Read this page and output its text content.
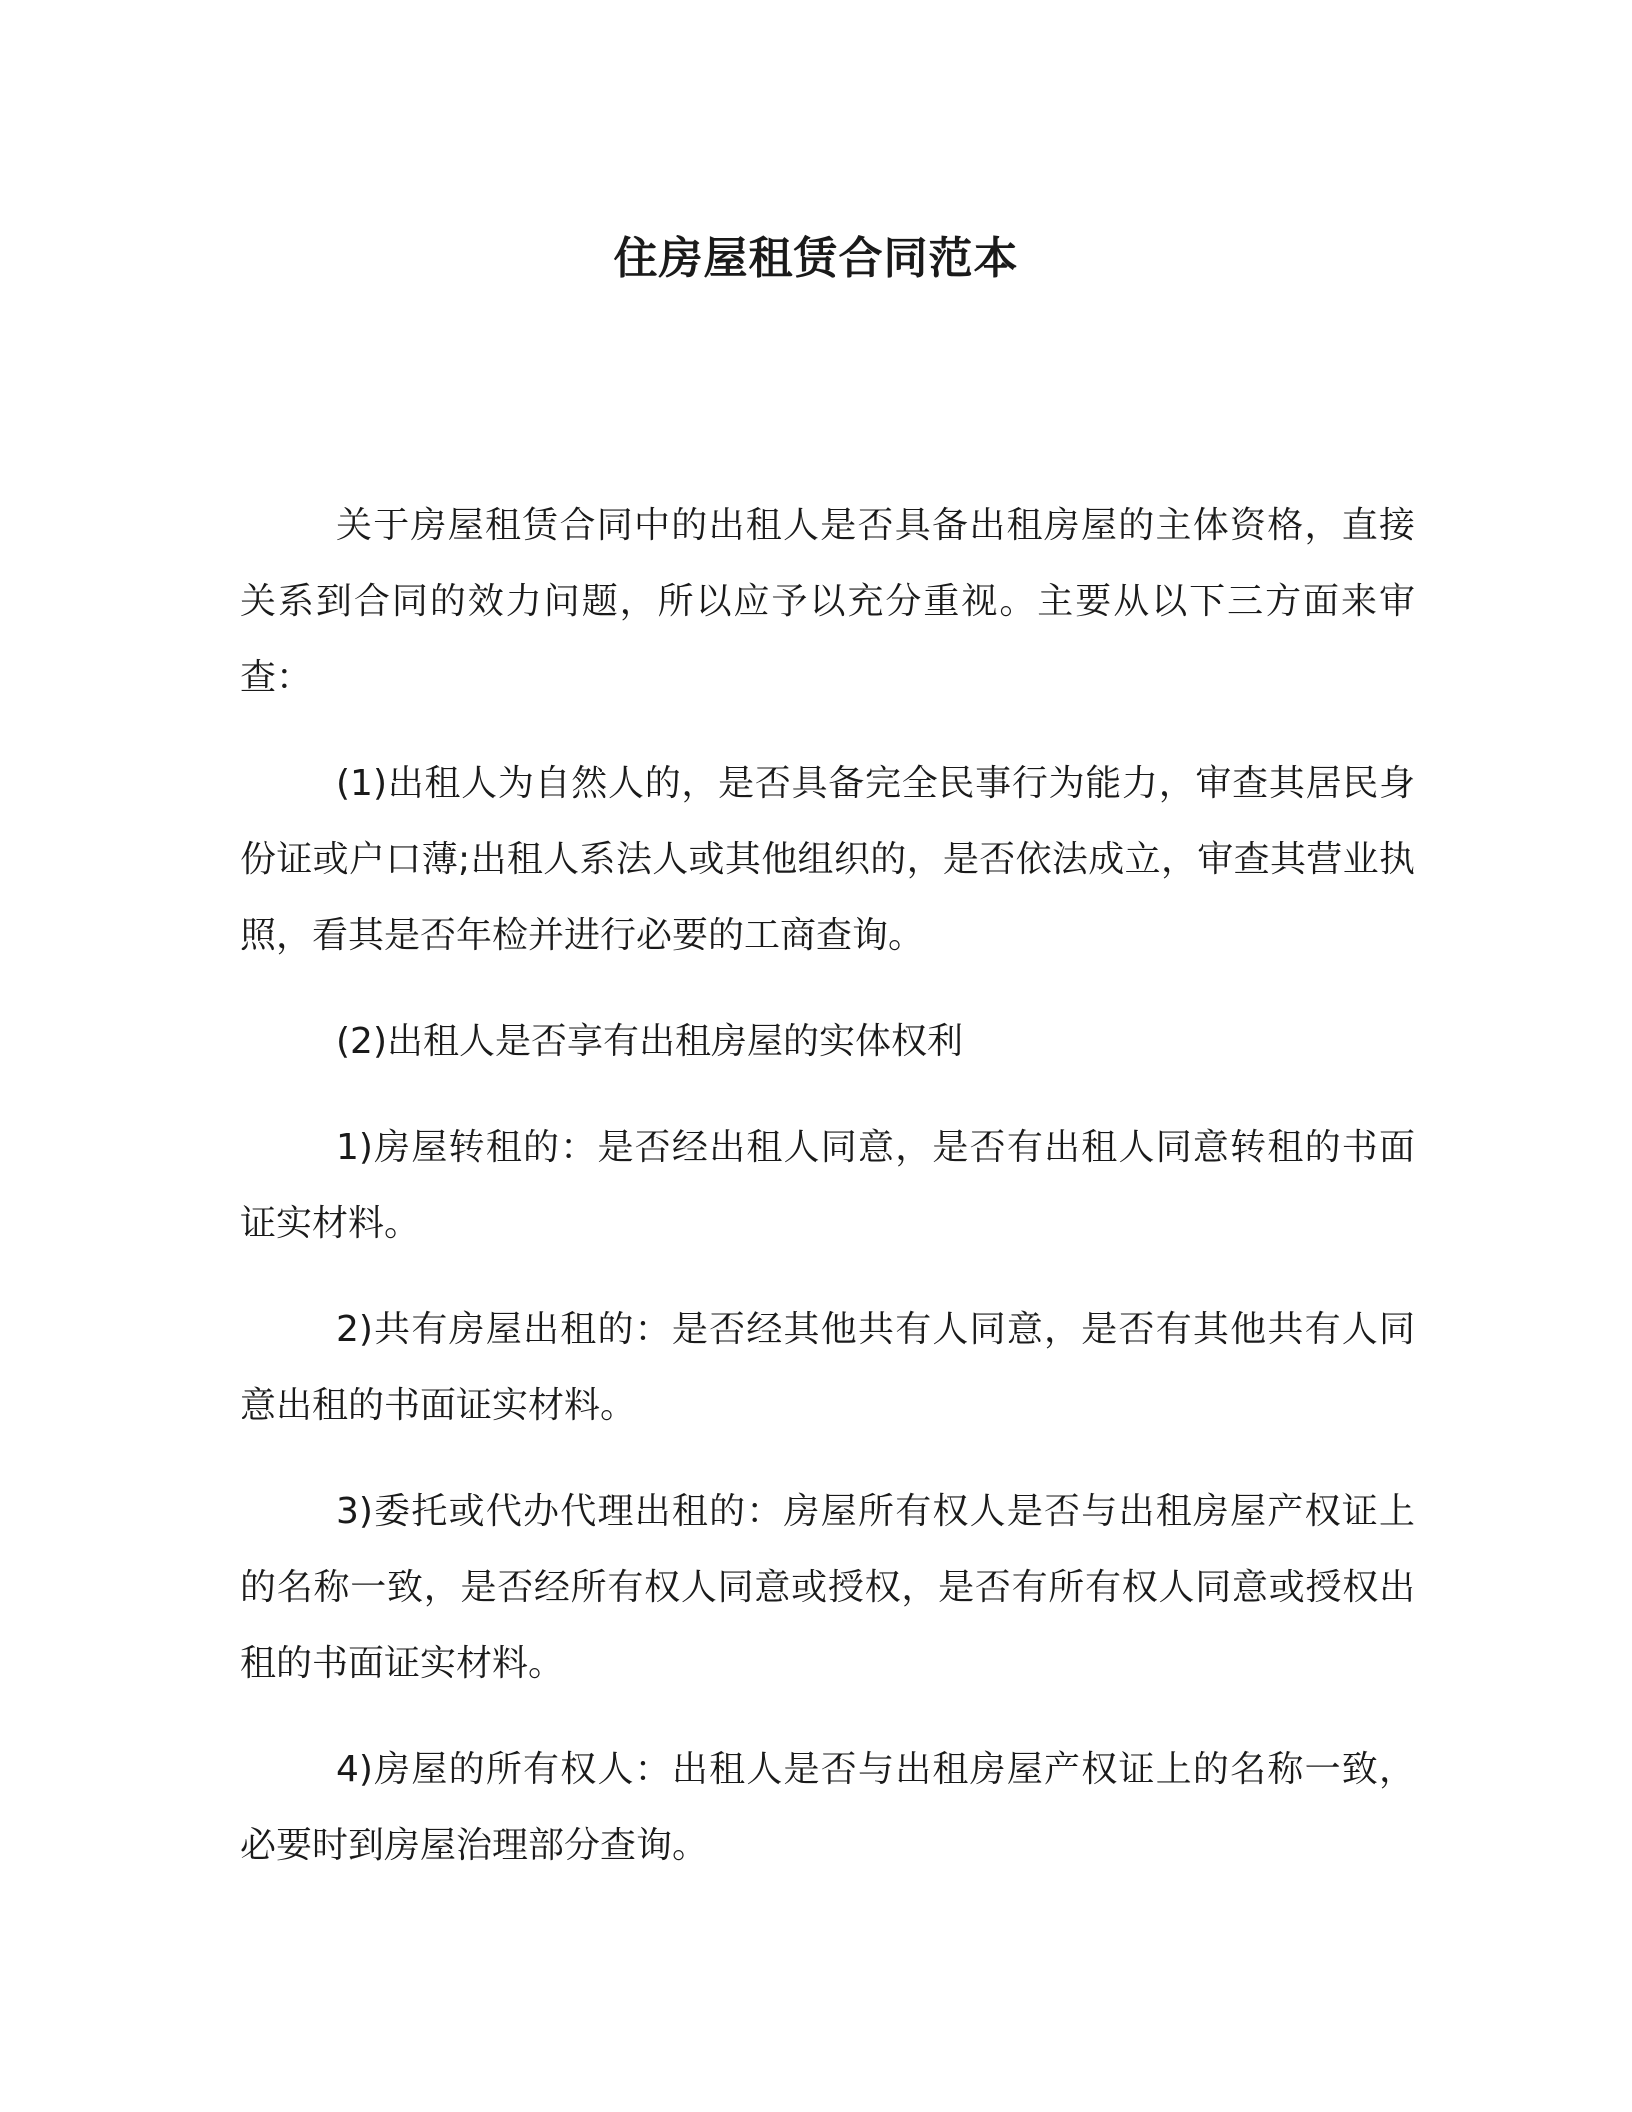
住房屋租赁合同范本

关于房屋租赁合同中的出租人是否具备出租房屋的主体资格，直接关系到合同的效力问题，所以应予以充分重视。主要从以下三方面来审查：

(1)出租人为自然人的，是否具备完全民事行为能力，审查其居民身份证或户口薄;出租人系法人或其他组织的，是否依法成立，审查其营业执照，看其是否年检并进行必要的工商查询。

(2)出租人是否享有出租房屋的实体权利

1)房屋转租的：是否经出租人同意，是否有出租人同意转租的书面证实材料。

2)共有房屋出租的：是否经其他共有人同意，是否有其他共有人同意出租的书面证实材料。

3)委托或代办代理出租的：房屋所有权人是否与出租房屋产权证上的名称一致，是否经所有权人同意或授权，是否有所有权人同意或授权出租的书面证实材料。

4)房屋的所有权人：出租人是否与出租房屋产权证上的名称一致，必要时到房屋治理部分查询。
